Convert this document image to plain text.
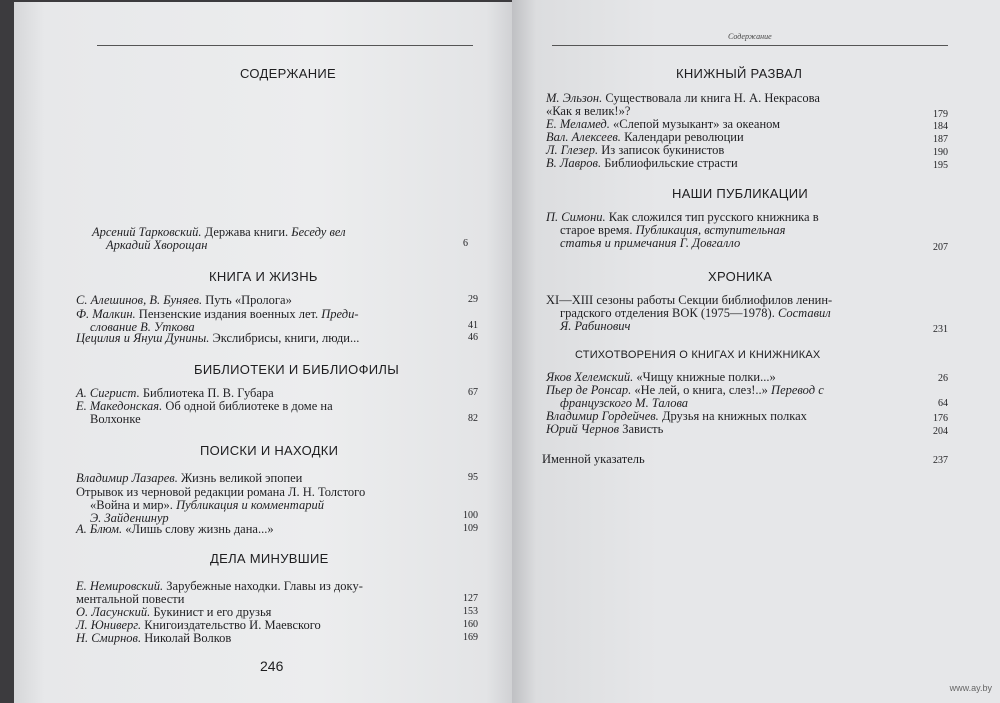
СОДЕРЖАНИЕ
Арсений Тарковский. Держава книги. Беседу вел
Аркадий Хворощан	6
КНИГА И ЖИЗНЬ
С. Алешинов, В. Буняев. Путь «Пролога»	29
Ф. Малкин. Пензенские издания военных лет. Преди-
слование В. Уткова	41
Цецилия и Януш Дунины. Экслибрисы, книги, люди...	46
БИБЛИОТЕКИ И БИБЛИОФИЛЫ
А. Сигрист. Библиотека П. В. Губара	67
Е. Македонская. Об одной библиотеке в доме на
Волхонке	82
ПОИСКИ И НАХОДКИ
Владимир Лазарев. Жизнь великой эпопеи	95
Отрывок из черновой редакции романа Л. Н. Толстого
«Война и мир». Публикация и комментарий
Э. Зайденшнур	100
А. Блюм. «Лишь слову жизнь дана...»	109
ДЕЛА МИНУВШИЕ
Е. Немировский. Зарубежные находки. Главы из доку-
ментальной повести	127
О. Ласунский. Букинист и его друзья	153
Л. Юниверг. Книгоиздательство И. Маевского	160
Н. Смирнов. Николай Волков	169
246
Содержание
КНИЖНЫЙ РАЗВАЛ
М. Эльзон. Существовала ли книга Н. А. Некрасова
«Как я велик!»?	179
Е. Меламед. «Слепой музыкант» за океаном	184
Вал. Алексеев. Календари революции	187
Л. Глезер. Из записок букинистов	190
В. Лавров. Библиофильские страсти	195
НАШИ ПУБЛИКАЦИИ
П. Симони. Как сложился тип русского книжника в
старое время. Публикация, вступительная
статья и примечания Г. Довгалло	207
ХРОНИКА
XI—XIII сезоны работы Секции библиофилов ленин-
градского отделения ВОК (1975—1978). Составил
Я. Рабинович	231
СТИХОТВОРЕНИЯ О КНИГАХ И КНИЖНИКАХ
Яков Хелемский. «Чищу книжные полки...»	26
Пьер де Ронсар. «Не лей, о книга, слез!..» Перевод с
французского М. Талова	64
Владимир Гордейчев. Друзья на книжных полках	176
Юрий Чернов Зависть	204
Именной указатель	237
www.ay.by
